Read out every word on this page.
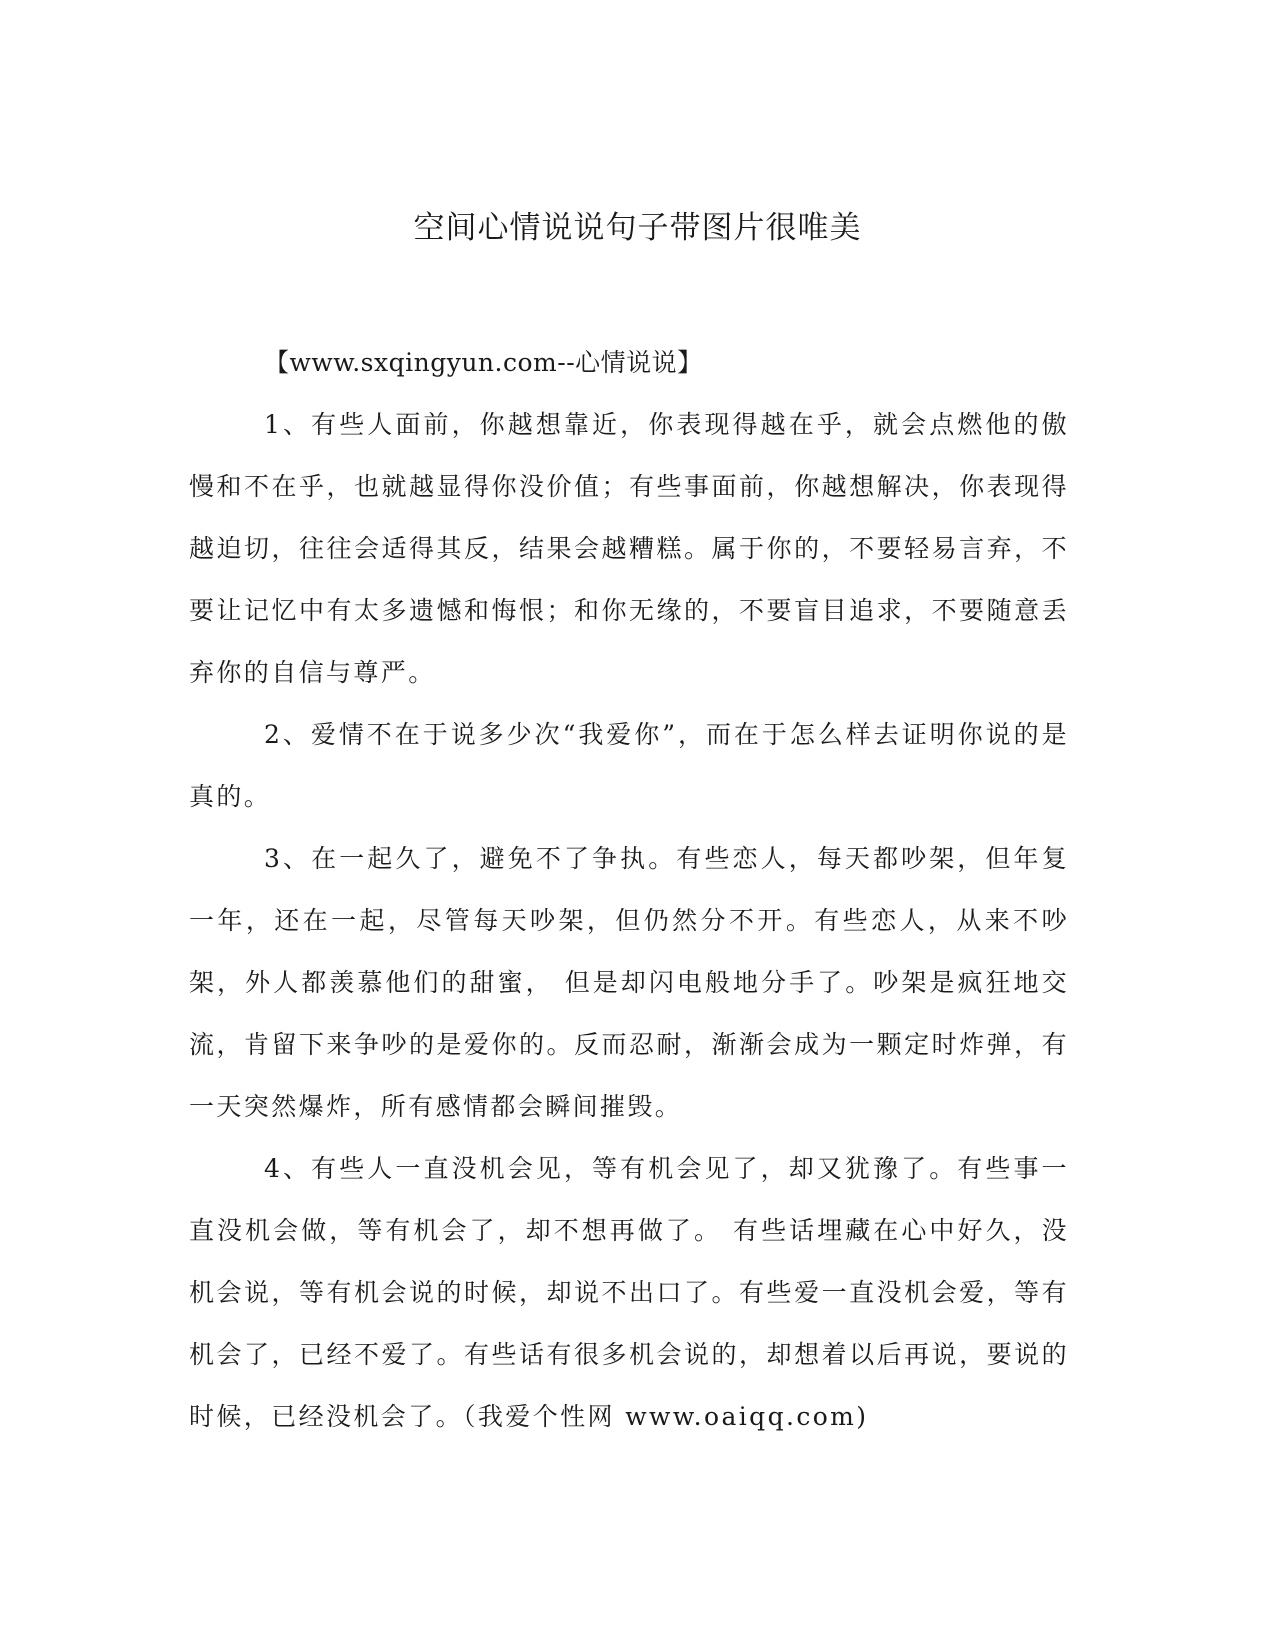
空间心情说说句子带图片很唯美

【www.sxqingyun.com--心情说说】

1、有些人面前，你越想靠近，你表现得越在乎，就会点燃他的傲慢和不在乎，也就越显得你没价值；有些事面前，你越想解决，你表现得越迫切，往往会适得其反，结果会越糟糕。属于你的，不要轻易言弃，不要让记忆中有太多遗憾和悔恨；和你无缘的，不要盲目追求，不要随意丢弃你的自信与尊严。

2、爱情不在于说多少次“我爱你”，而在于怎么样去证明你说的是真的。

3、在一起久了，避免不了争执。有些恋人，每天都吵架，但年复一年，还在一起，尽管每天吵架，但仍然分不开。有些恋人，从来不吵架，外人都羡慕他们的甜蜜， 但是却闪电般地分手了。吵架是疯狂地交流，肯留下来争吵的是爱你的。反而忍耐，渐渐会成为一颗定时炸弹，有一天突然爆炸，所有感情都会瞬间摧毁。

4、有些人一直没机会见，等有机会见了，却又犹豫了。有些事一直没机会做，等有机会了，却不想再做了。 有些话埋藏在心中好久，没机会说，等有机会说的时候，却说不出口了。有些爱一直没机会爱，等有机会了，已经不爱了。有些话有很多机会说的，却想着以后再说，要说的时候，已经没机会了。（我爱个性网 www.oaiqq.com)
